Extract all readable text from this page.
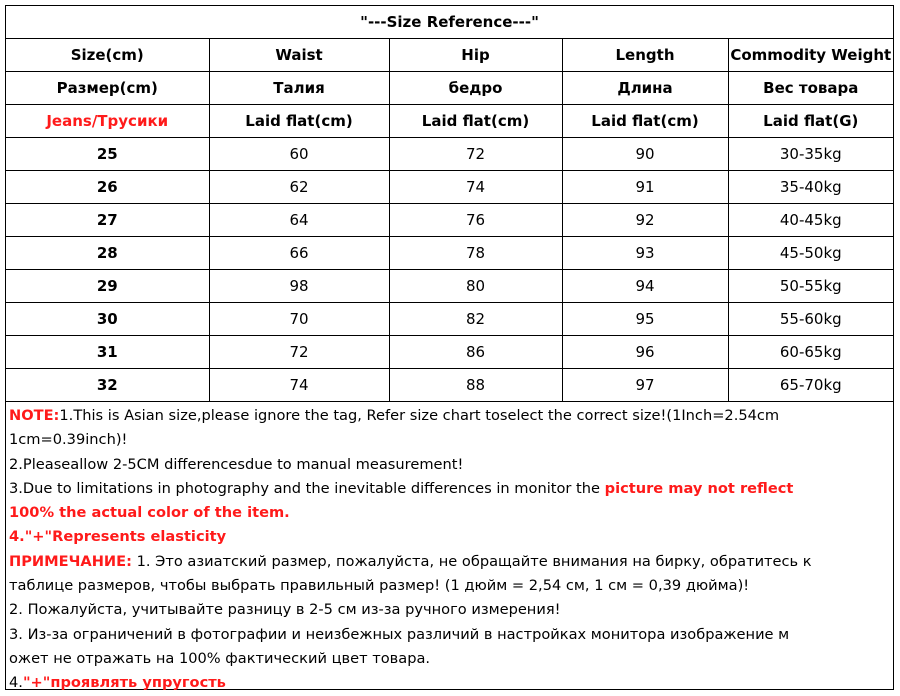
"---Size Reference---"				
Size(cm)	Waist	Hip	Length	Commodity Weight
Размер(cm)	Талия	бедро	Длина	Вес товара
Jeans/Трусики	Laid flat(cm)	Laid flat(cm)	Laid flat(cm)	Laid flat(G)
25	60	72	90	30-35kg
26	62	74	91	35-40kg
27	64	76	92	40-45kg
28	66	78	93	45-50kg
29	98	80	94	50-55kg
30	70	82	95	55-60kg
31	72	86	96	60-65kg
32	74	88	97	65-70kg
NOTE:1.This is Asian size,please ignore the tag, Refer size chart toselect the correct size!(1Inch=2.54cm
1cm=0.39inch)!
2.Pleaseallow 2-5CM differencesdue to manual measurement!
3.Due to limitations in photography and the inevitable differences in monitor the picture may not reflect
100% the actual color of the item.
4."+"Represents elasticity
ПРИМЕЧАНИЕ: 1. Это азиатский размер, пожалуйста, не обращайте внимания на бирку, обратитесь к
таблице размеров, чтобы выбрать правильный размер! (1 дюйм = 2,54 см, 1 см = 0,39 дюйма)!
2. Пожалуйста, учитывайте разницу в 2-5 см из-за ручного измерения!
3. Из-за ограничений в фотографии и неизбежных различий в настройках монитора изображение м
ожет не отражать на 100% фактический цвет товара.
4."+"проявлять упругость
